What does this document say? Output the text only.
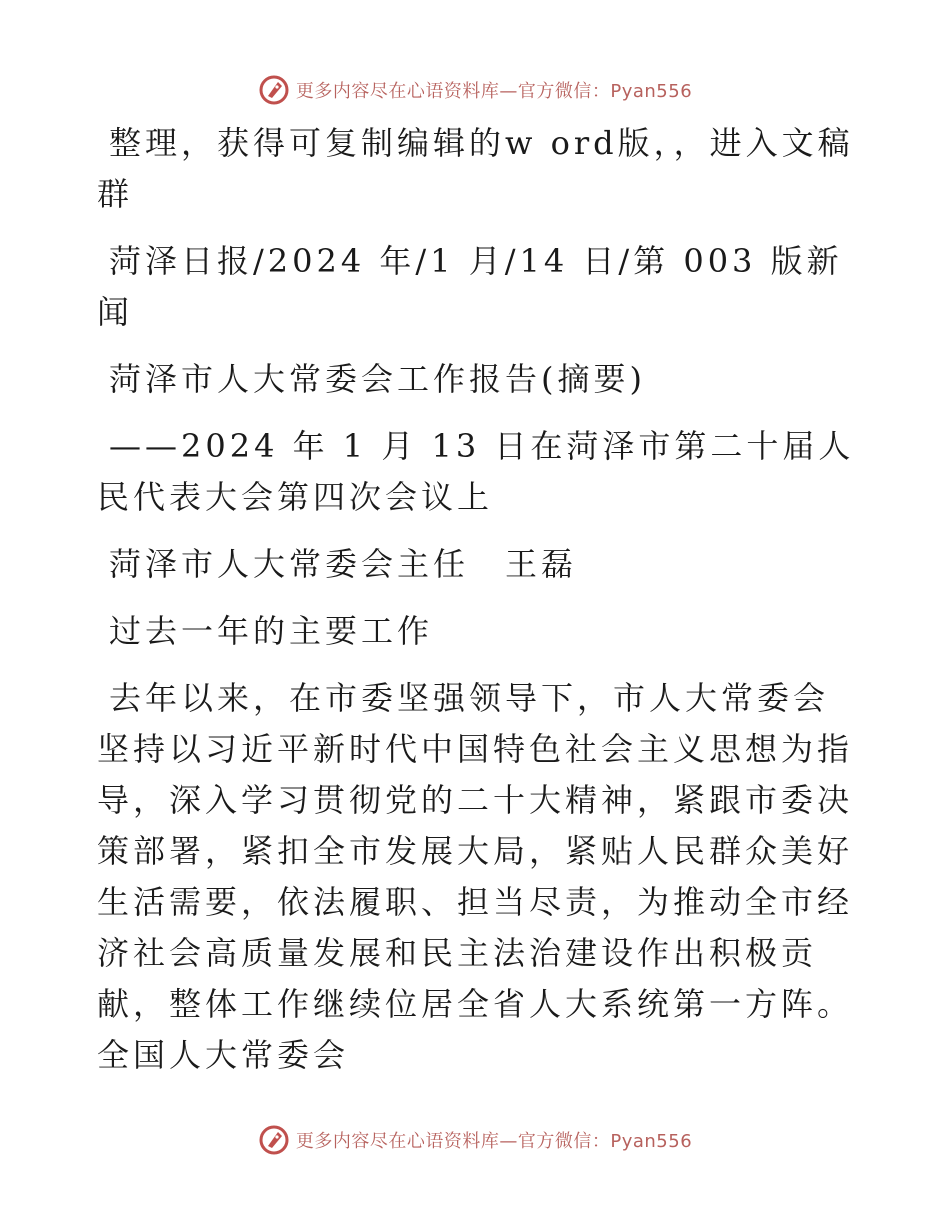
更多内容尽在心语资料库—官方微信：Pyan556

整理，获得可复制编辑的w ord版，，进入文稿群

菏泽日报/2024 年/1 月/14 日/第 003 版新闻

菏泽市人大常委会工作报告(摘要)

——2024 年 1 月 13 日在菏泽市第二十届人民代表大会第四次会议上

菏泽市人大常委会主任　王磊

过去一年的主要工作

去年以来，在市委坚强领导下，市人大常委会坚持以习近平新时代中国特色社会主义思想为指导，深入学习贯彻党的二十大精神，紧跟市委决策部署，紧扣全市发展大局，紧贴人民群众美好生活需要，依法履职、担当尽责，为推动全市经济社会高质量发展和民主法治建设作出积极贡献，整体工作继续位居全省人大系统第一方阵。全国人大常委会

更多内容尽在心语资料库—官方微信：Pyan556
